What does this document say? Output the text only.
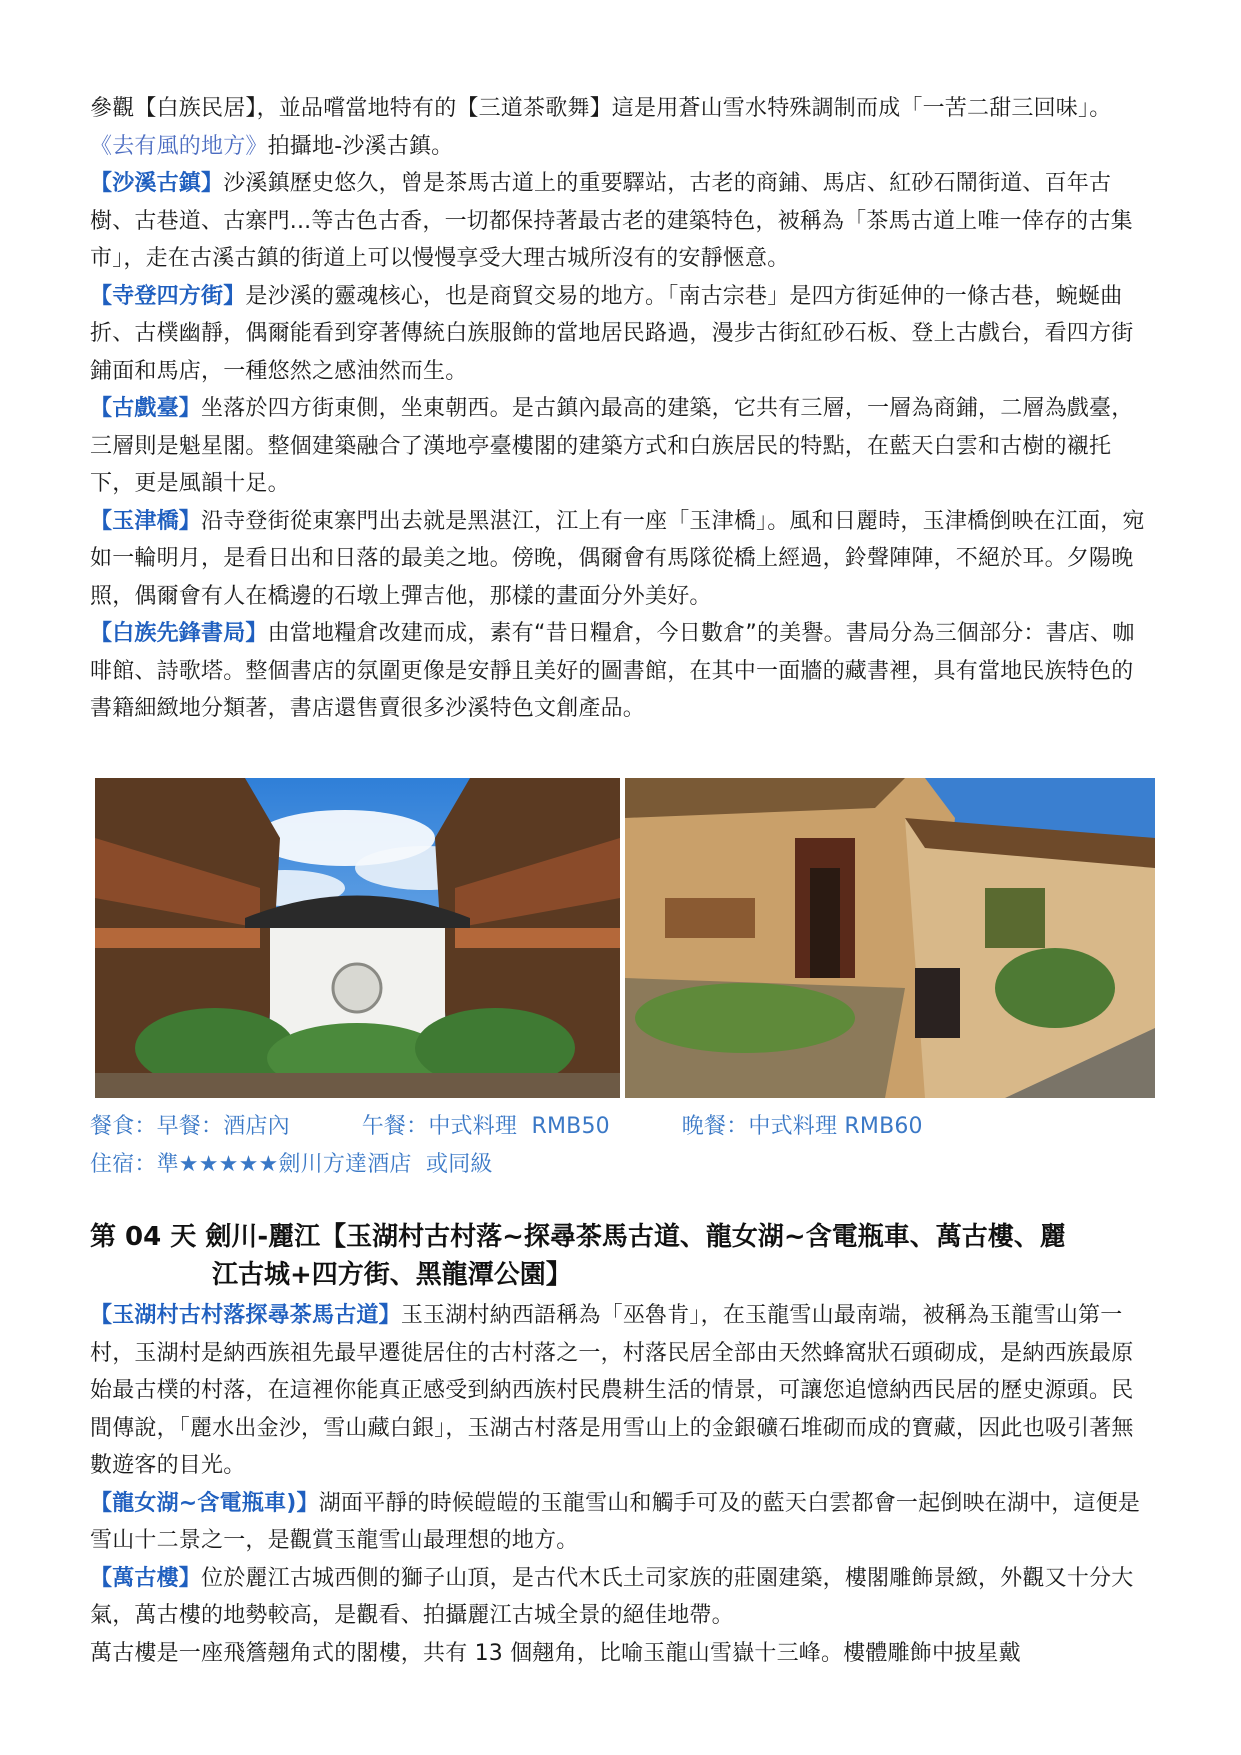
參觀【白族民居】，並品嚐當地特有的【三道茶歌舞】這是用蒼山雪水特殊調制而成「一苦二甜三回味」。

《去有風的地方》拍攝地-沙溪古鎮。

【沙溪古鎮】沙溪鎮歷史悠久，曾是茶馬古道上的重要驛站，古老的商鋪、馬店、紅砂石鬧街道、百年古樹、古巷道、古寨門...等古色古香，一切都保持著最古老的建築特色，被稱為「茶馬古道上唯一倖存的古集市」，走在古溪古鎮的街道上可以慢慢享受大理古城所沒有的安靜愜意。

【寺登四方街】是沙溪的靈魂核心，也是商貿交易的地方。「南古宗巷」是四方街延伸的一條古巷，蜿蜒曲折、古樸幽靜，偶爾能看到穿著傳統白族服飾的當地居民路過，漫步古街紅砂石板、登上古戲台，看四方街鋪面和馬店，一種悠然之感油然而生。

【古戲臺】坐落於四方街東側，坐東朝西。是古鎮內最高的建築，它共有三層，一層為商鋪，二層為戲臺，三層則是魁星閣。整個建築融合了漢地亭臺樓閣的建築方式和白族居民的特點，在藍天白雲和古樹的襯托下，更是風韻十足。

【玉津橋】沿寺登街從東寨門出去就是黑湛江，江上有一座「玉津橋」。風和日麗時，玉津橋倒映在江面，宛如一輪明月，是看日出和日落的最美之地。傍晚，偶爾會有馬隊從橋上經過，鈴聲陣陣，不絕於耳。夕陽晚照，偶爾會有人在橋邊的石墩上彈吉他，那樣的畫面分外美好。

【白族先鋒書局】由當地糧倉改建而成，素有“昔日糧倉，今日數倉”的美譽。書局分為三個部分：書店、咖啡館、詩歌塔。整個書店的氛圍更像是安靜且美好的圖書館，在其中一面牆的藏書裡，具有當地民族特色的書籍細緻地分類著，書店還售賣很多沙溪特色文創產品。

餐食：早餐：酒店內          午餐：中式料理  RMB50          晚餐：中式料理 RMB60

住宿：準★★★★★劍川方達酒店  或同級

第 04 天 劍川-麗江【玉湖村古村落~探尋茶馬古道、龍女湖~含電瓶車、萬古樓、麗
江古城+四方街、黑龍潭公園】

【玉湖村古村落探尋茶馬古道】玉玉湖村納西語稱為「巫魯肯」，在玉龍雪山最南端，被稱為玉龍雪山第一村，玉湖村是納西族祖先最早遷徙居住的古村落之一，村落民居全部由天然蜂窩狀石頭砌成，是納西族最原始最古樸的村落，在這裡你能真正感受到納西族村民農耕生活的情景，可讓您追憶納西民居的歷史源頭。民間傳說，「麗水出金沙，雪山藏白銀」，玉湖古村落是用雪山上的金銀礦石堆砌而成的寶藏，因此也吸引著無數遊客的目光。

【龍女湖~含電瓶車)】湖面平靜的時候皚皚的玉龍雪山和觸手可及的藍天白雲都會一起倒映在湖中，這便是雪山十二景之一，是觀賞玉龍雪山最理想的地方。

【萬古樓】位於麗江古城西側的獅子山頂，是古代木氏土司家族的莊園建築，樓閣雕飾景緻，外觀又十分大氣，萬古樓的地勢較高，是觀看、拍攝麗江古城全景的絕佳地帶。

萬古樓是一座飛簷翹角式的閣樓，共有 13 個翹角，比喻玉龍山雪嶽十三峰。樓體雕飾中披星戴
